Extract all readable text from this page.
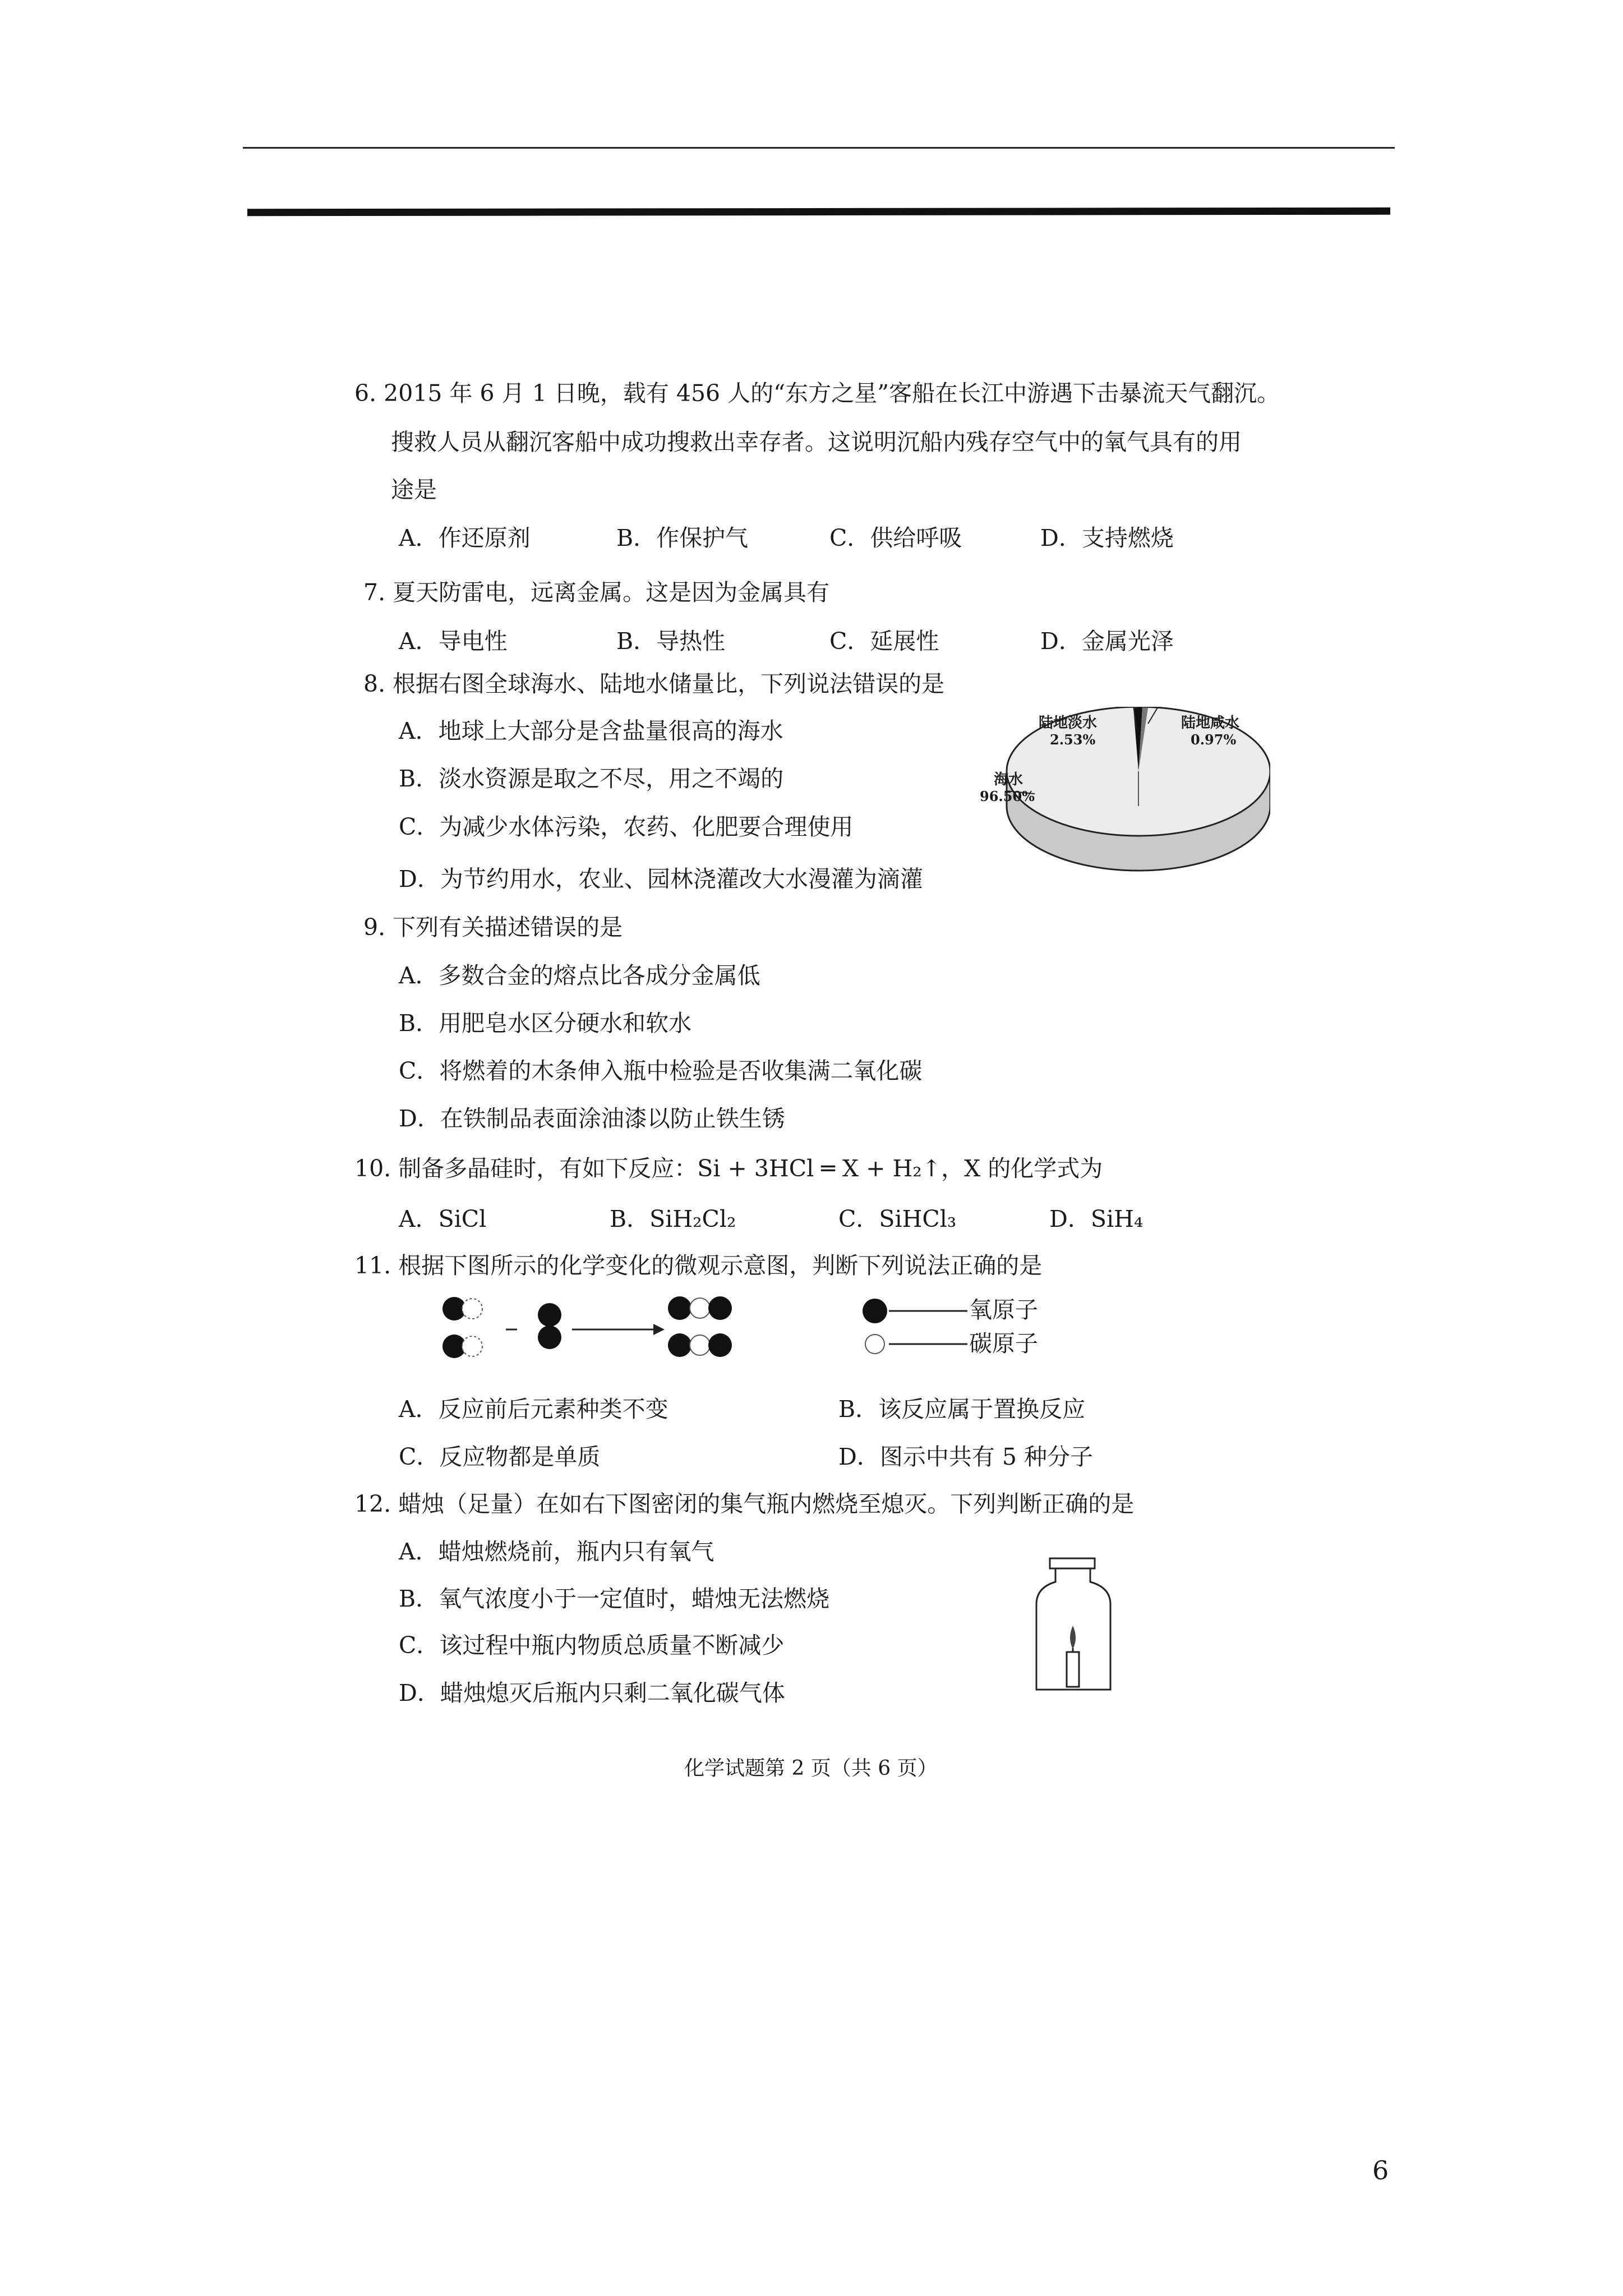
6. 2015 年 6 月 1 日晚，载有 456 人的“东方之星”客船在长江中游遇下击暴流天气翻沉。
搜救人员从翻沉客船中成功搜救出幸存者。这说明沉船内残存空气中的氧气具有的用
途是
A．作还原剂	B．作保护气	C．供给呼吸	D．支持燃烧
7. 夏天防雷电，远离金属。这是因为金属具有
A．导电性	B．导热性	C．延展性	D．金属光泽
8. 根据右图全球海水、陆地水储量比，下列说法错误的是
A．地球上大部分是含盐量很高的海水
B．淡水资源是取之不尽，用之不竭的
C．为减少水体污染，农药、化肥要合理使用
D．为节约用水，农业、园林浇灌改大水漫灌为滴灌
陆地淡水
2.53%
陆地咸水
0.97%
海水
96.50%
9. 下列有关描述错误的是
A．多数合金的熔点比各成分金属低
B．用肥皂水区分硬水和软水
C．将燃着的木条伸入瓶中检验是否收集满二氧化碳
D．在铁制品表面涂油漆以防止铁生锈
10. 制备多晶硅时，有如下反应：Si + 3HCl ═ X + H₂↑，X 的化学式为
A．SiCl	B．SiH₂Cl₂	C．SiHCl₃	D．SiH₄
11. 根据下图所示的化学变化的微观示意图，判断下列说法正确的是
氧原子
碳原子
A．反应前后元素种类不变	B．该反应属于置换反应
C．反应物都是单质	D．图示中共有 5 种分子
12. 蜡烛（足量）在如右下图密闭的集气瓶内燃烧至熄灭。下列判断正确的是
A．蜡烛燃烧前，瓶内只有氧气
B．氧气浓度小于一定值时，蜡烛无法燃烧
C．该过程中瓶内物质总质量不断减少
D．蜡烛熄灭后瓶内只剩二氧化碳气体
化学试题第 2 页（共 6 页）
6
